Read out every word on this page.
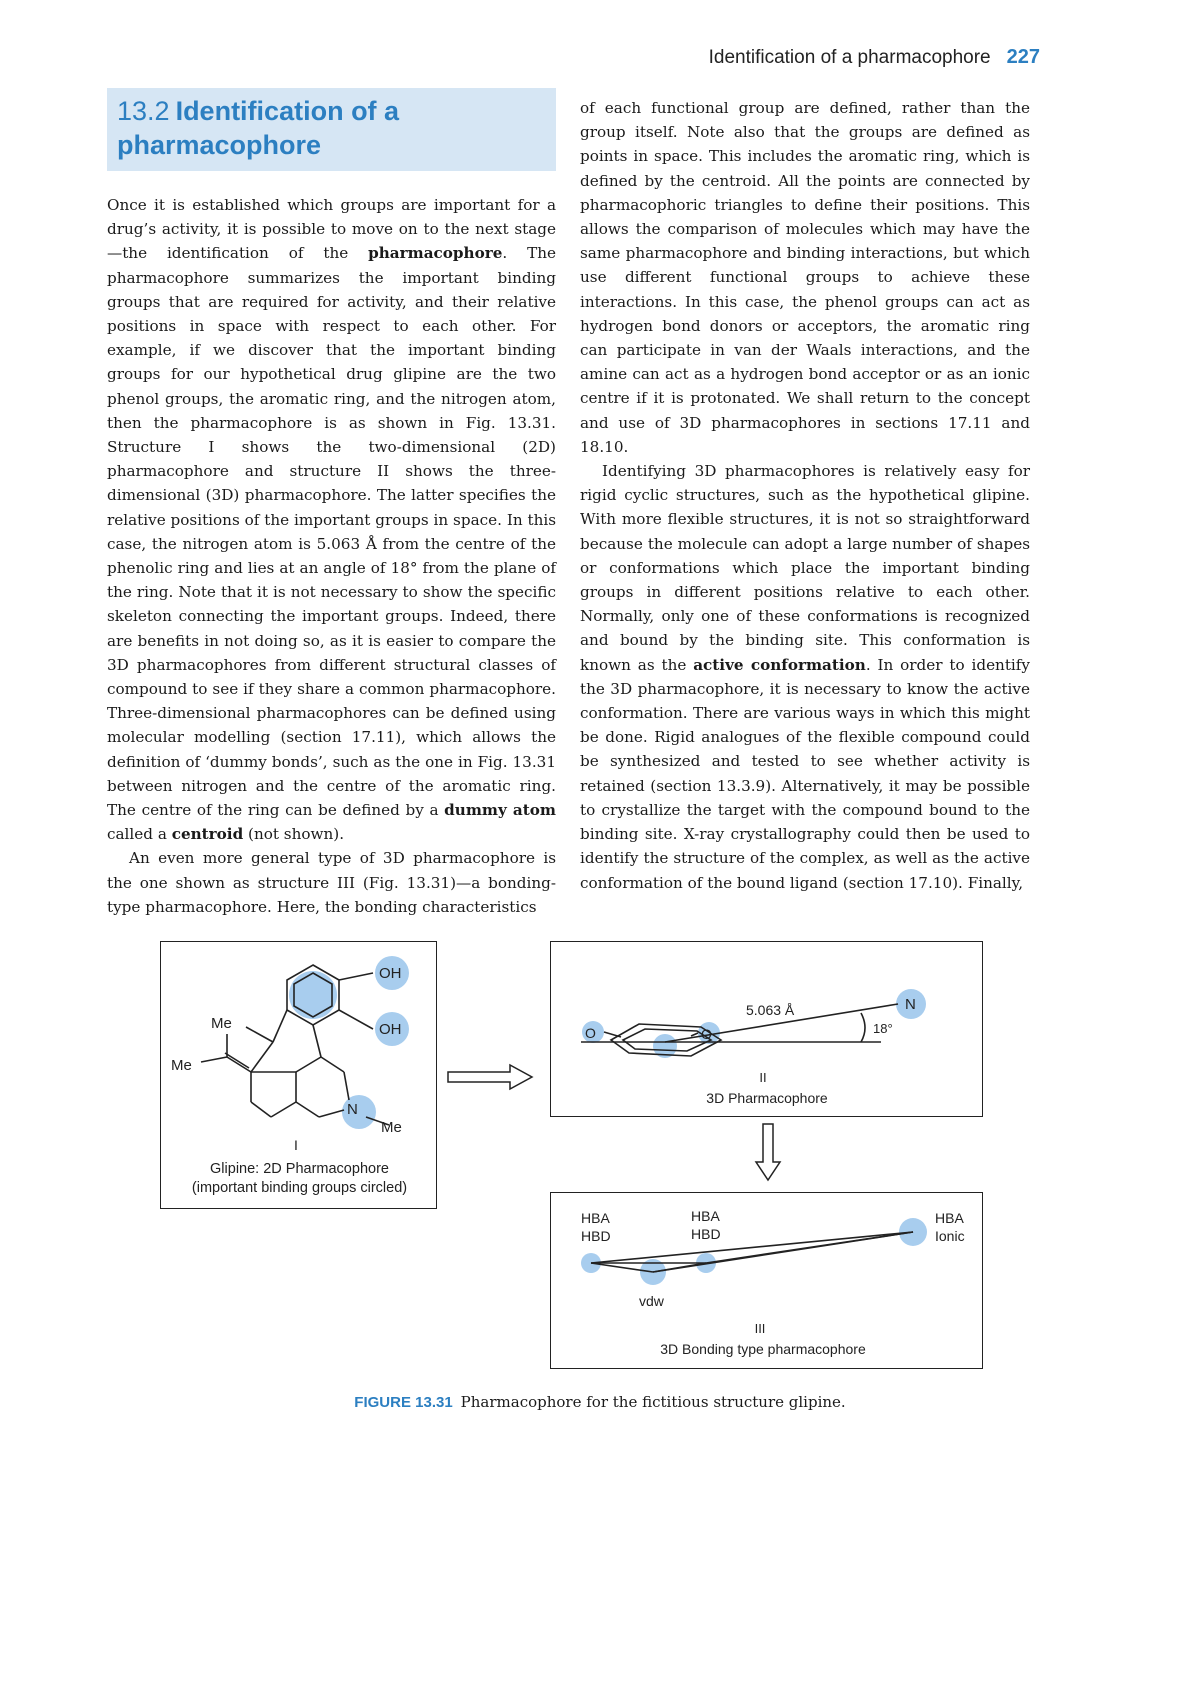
Identification of a pharmacophore 227
13.2 Identification of a
pharmacophore

Once it is established which groups are important for a drug’s activity, it is possible to move on to the next stage—the identification of the pharmacophore. The pharmacophore summarizes the important binding groups that are required for activity, and their relative positions in space with respect to each other. For example, if we discover that the important binding groups for our hypothetical drug glipine are the two phenol groups, the aromatic ring, and the nitrogen atom, then the pharmacophore is as shown in Fig. 13.31. Structure I shows the two-dimensional (2D) pharmacophore and structure II shows the three-dimensional (3D) pharmacophore. The latter specifies the relative positions of the important groups in space. In this case, the nitrogen atom is 5.063 Å from the centre of the phenolic ring and lies at an angle of 18° from the plane of the ring. Note that it is not necessary to show the specific skeleton connecting the important groups. Indeed, there are benefits in not doing so, as it is easier to compare the 3D pharmacophores from different structural classes of compound to see if they share a common pharmacophore. Three-dimensional pharmacophores can be defined using molecular modelling (section 17.11), which allows the definition of ‘dummy bonds’, such as the one in Fig. 13.31 between nitrogen and the centre of the aromatic ring. The centre of the ring can be defined by a dummy atom called a centroid (not shown).

An even more general type of 3D pharmacophore is the one shown as structure III (Fig. 13.31)—a bonding-type pharmacophore. Here, the bonding characteristics

of each functional group are defined, rather than the group itself. Note also that the groups are defined as points in space. This includes the aromatic ring, which is defined by the centroid. All the points are connected by pharmacophoric triangles to define their positions. This allows the comparison of molecules which may have the same pharmacophore and binding interactions, but which use different functional groups to achieve these interactions. In this case, the phenol groups can act as hydrogen bond donors or acceptors, the aromatic ring can participate in van der Waals interactions, and the amine can act as a hydrogen bond acceptor or as an ionic centre if it is protonated. We shall return to the concept and use of 3D pharmacophores in sections 17.11 and 18.10.

Identifying 3D pharmacophores is relatively easy for rigid cyclic structures, such as the hypothetical glipine. With more flexible structures, it is not so straightforward because the molecule can adopt a large number of shapes or conformations which place the important binding groups in different positions relative to each other. Normally, only one of these conformations is recognized and bound by the binding site. This conformation is known as the active conformation. In order to identify the 3D pharmacophore, it is necessary to know the active conformation. There are various ways in which this might be done. Rigid analogues of the flexible compound could be synthesized and tested to see whether activity is retained (section 13.3.9). Alternatively, it may be possible to crystallize the target with the compound bound to the binding site. X-ray crystallography could then be used to identify the structure of the complex, as well as the active conformation of the bound ligand (section 17.10). Finally,

OH
OH
Me
Me
N
Me
I
Glipine: 2D Pharmacophore
(important binding groups circled)
O	O
N
5.063 Å
18°
II
3D Pharmacophore
HBA
HBD
HBA
HBD
HBA
Ionic
vdw
III
3D Bonding type pharmacophore
FIGURE 13.31 Pharmacophore for the fictitious structure glipine.
